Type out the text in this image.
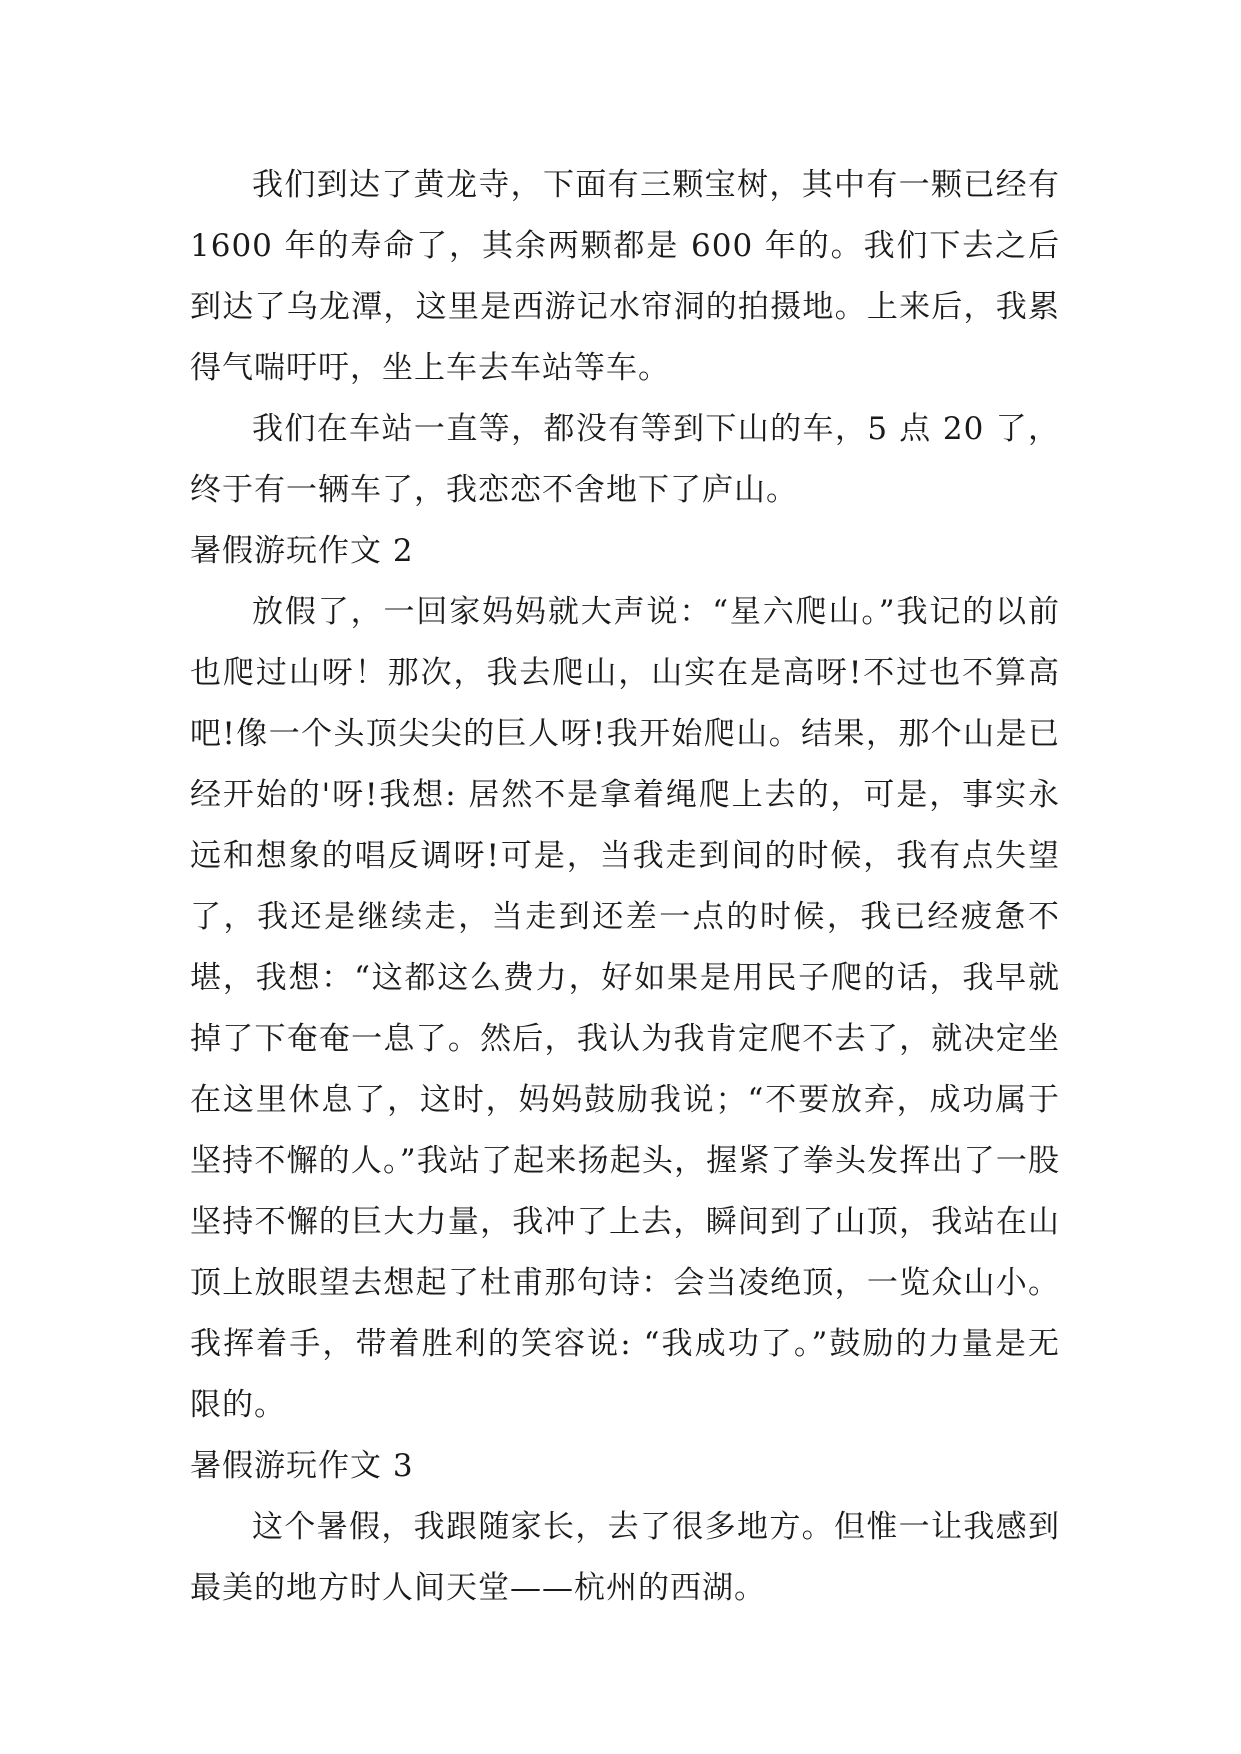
我们到达了黄龙寺，下面有三颗宝树，其中有一颗已经有 1600 年的寿命了，其余两颗都是 600 年的。我们下去之后到达了乌龙潭，这里是西游记水帘洞的拍摄地。上来后，我累得气喘吁吁，坐上车去车站等车。

我们在车站一直等，都没有等到下山的车，5 点 20 了，终于有一辆车了，我恋恋不舍地下了庐山。

暑假游玩作文 2

放假了，一回家妈妈就大声说：“星六爬山。”我记的以前也爬过山呀！那次，我去爬山，山实在是高呀!不过也不算高吧!像一个头顶尖尖的巨人呀!我开始爬山。结果，那个山是已经开始的'呀!我想: 居然不是拿着绳爬上去的，可是，事实永远和想象的唱反调呀!可是，当我走到间的时候，我有点失望了，我还是继续走，当走到还差一点的时候，我已经疲惫不堪，我想：“这都这么费力，好如果是用民子爬的话，我早就掉了下奄奄一息了。然后，我认为我肯定爬不去了，就决定坐在这里休息了，这时，妈妈鼓励我说；“不要放弃，成功属于坚持不懈的人。”我站了起来扬起头，握紧了拳头发挥出了一股坚持不懈的巨大力量，我冲了上去，瞬间到了山顶，我站在山顶上放眼望去想起了杜甫那句诗：会当凌绝顶，一览众山小。我挥着手，带着胜利的笑容说: “我成功了。”鼓励的力量是无限的。

暑假游玩作文 3

这个暑假，我跟随家长，去了很多地方。但惟一让我感到最美的地方时人间天堂——杭州的西湖。
